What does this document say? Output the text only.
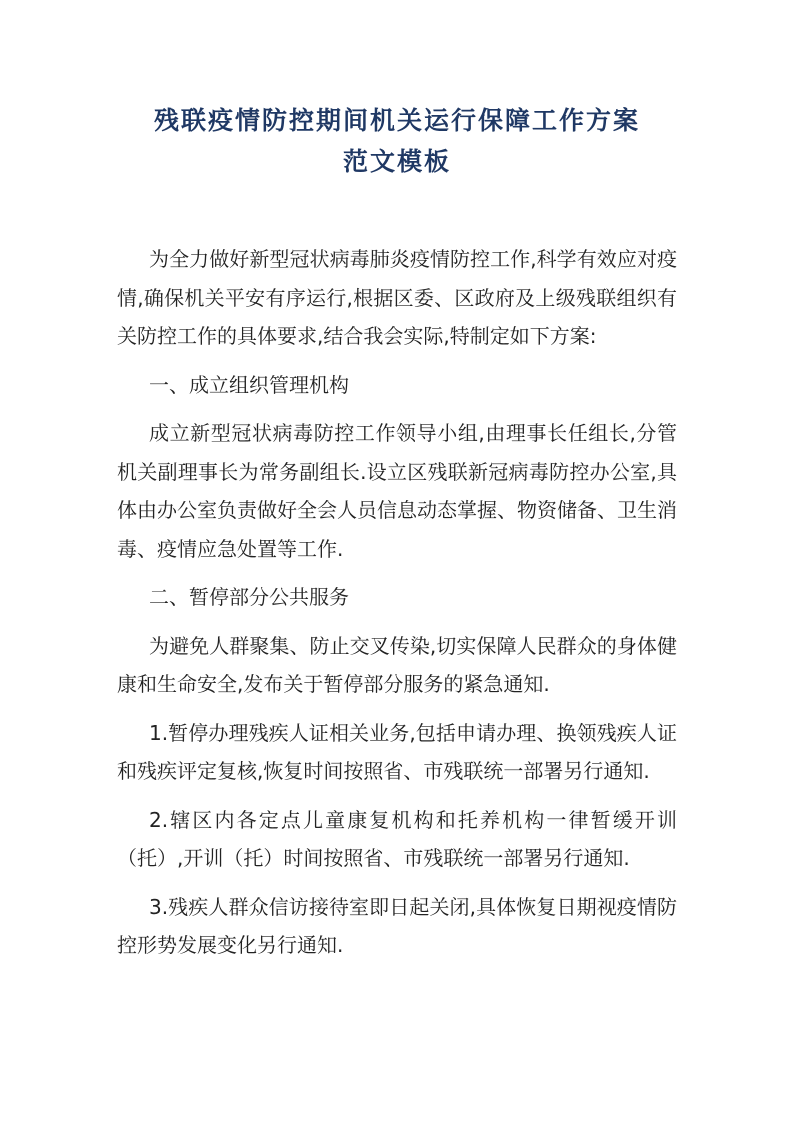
残联疫情防控期间机关运行保障工作方案
范文模板

为全力做好新型冠状病毒肺炎疫情防控工作,科学有效应对疫情,确保机关平安有序运行,根据区委、区政府及上级残联组织有关防控工作的具体要求,结合我会实际,特制定如下方案:

一、成立组织管理机构

成立新型冠状病毒防控工作领导小组,由理事长任组长,分管机关副理事长为常务副组长.设立区残联新冠病毒防控办公室,具体由办公室负责做好全会人员信息动态掌握、物资储备、卫生消毒、疫情应急处置等工作.

二、暂停部分公共服务

为避免人群聚集、防止交叉传染,切实保障人民群众的身体健康和生命安全,发布关于暂停部分服务的紧急通知.

1.暂停办理残疾人证相关业务,包括申请办理、换领残疾人证和残疾评定复核,恢复时间按照省、市残联统一部署另行通知.

2.辖区内各定点儿童康复机构和托养机构一律暂缓开训（托）,开训（托）时间按照省、市残联统一部署另行通知.

3.残疾人群众信访接待室即日起关闭,具体恢复日期视疫情防控形势发展变化另行通知.
